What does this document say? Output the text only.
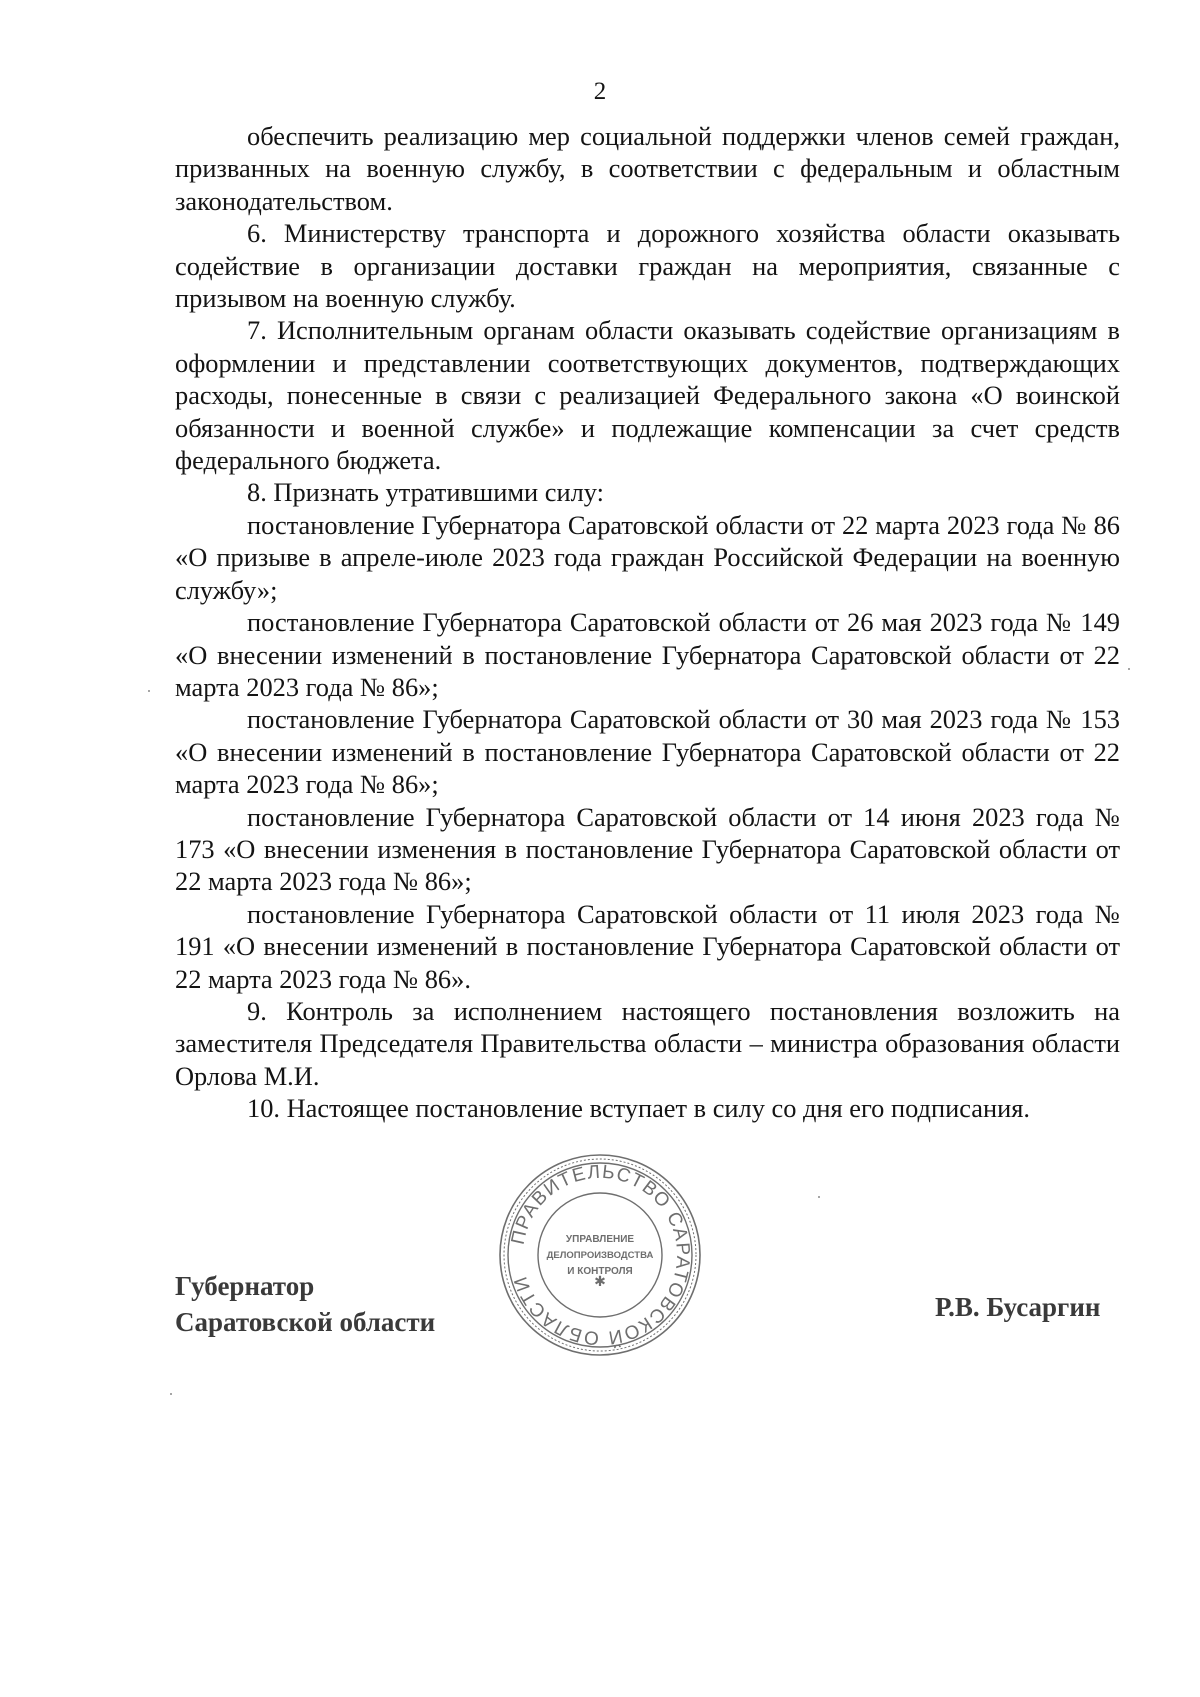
2

обеспечить реализацию мер социальной поддержки членов семей граждан, призванных на военную службу, в соответствии с федеральным и областным законодательством.

6. Министерству транспорта и дорожного хозяйства области оказывать содействие в организации доставки граждан на мероприятия, связанные с призывом на военную службу.

7. Исполнительным органам области оказывать содействие организациям в оформлении и представлении соответствующих документов, подтверждающих расходы, понесенные в связи с реализацией Федерального закона «О воинской обязанности и военной службе» и подлежащие компенсации за счет средств федерального бюджета.

8. Признать утратившими силу:

постановление Губернатора Саратовской области от 22 марта 2023 года № 86 «О призыве в апреле-июле 2023 года граждан Российской Федерации на военную службу»;

постановление Губернатора Саратовской области от 26 мая 2023 года № 149 «О внесении изменений в постановление Губернатора Саратовской области от 22 марта 2023 года № 86»;

постановление Губернатора Саратовской области от 30 мая 2023 года № 153 «О внесении изменений в постановление Губернатора Саратовской области от 22 марта 2023 года № 86»;

постановление Губернатора Саратовской области от 14 июня 2023 года № 173 «О внесении изменения в постановление Губернатора Саратовской области от 22 марта 2023 года № 86»;

постановление Губернатора Саратовской области от 11 июля 2023 года № 191 «О внесении изменений в постановление Губернатора Саратовской области от 22 марта 2023 года № 86».

9. Контроль за исполнением настоящего постановления возложить на заместителя Председателя Правительства области – министра образования области Орлова М.И.

10. Настоящее постановление вступает в силу со дня его подписания.

Губернатор
Саратовской области
ПРАВИТЕЛЬСТВО САРАТОВСКОЙ ОБЛАСТИ	✱
УПРАВЛЕНИЕ
ДЕЛОПРОИЗВОДСТВА
И КОНТРОЛЯ
Р.В. Бусаргин
